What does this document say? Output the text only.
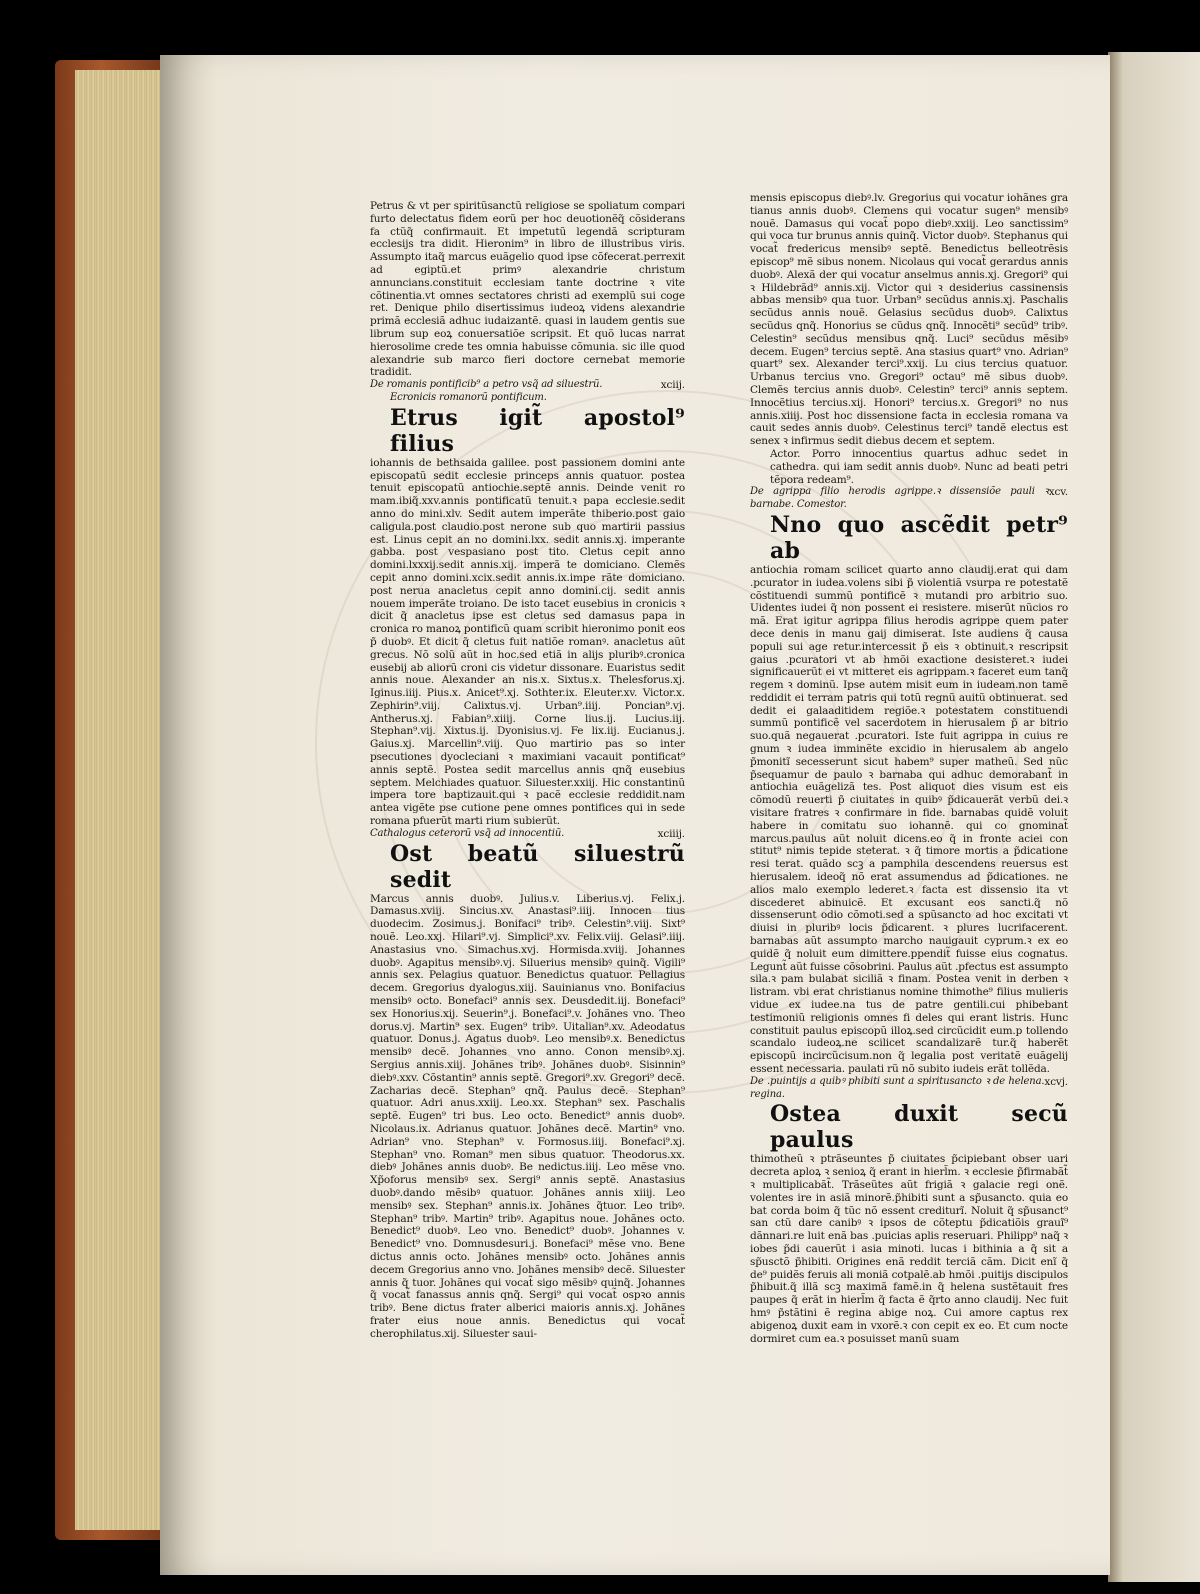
Petrus & vt per spiritũsanctũ religiose se spoliatum compari furto delectatus fidem eorũ per hoc deuotionẽq̃ cõsiderans fa ctũq̃ confirmauit. Et impetutũ legendã scripturam ecclesijs tra didit. Hieronim⁹ in libro de illustribus viris. Assumpto itaq̃ marcus euãgelio quod ipse cõfecerat.perrexit ad egiptũ.et primꝰ alexandrie christum annuncians.constituit ecclesiam tante doctrine ꝛ vite cõtinentia.vt omnes sectatores christi ad exemplũ sui coge ret. Denique philo disertissimus iudeoꝝ videns alexandrie primã ecclesiã adhuc iudaizantẽ. quasi in laudem gentis sue librum sup eoꝝ conuersatiõe scripsit. Et quõ lucas narrat hierosolime crede tes omnia habuisse cõmunia. sic ille quod alexandrie sub marco fieri doctore cernebat memorie tradidit.

De romanis pontificib⁹ a petro vsq̃ ad siluestrũ.	xciij.

Ecronicis romanorũ pontificum.

Etrus igit̃ apostol⁹ filius

iohannis de bethsaida galilee. post passionem domini ante episcopatũ sedit ecclesie princeps annis quatuor. postea tenuit episcopatũ antiochie.septẽ annis. Deinde venit ro mam.ibiq̃.xxv.annis pontificatũ tenuit.ꝛ papa ecclesie.sedit anno do mini.xlv. Sedit autem imperãte thiberio.post gaio caligula.post claudio.post nerone sub quo martirii passius est. Linus cepit an no domini.lxx. sedit annis.xj. imperante gabba. post vespasiano post tito. Cletus cepit anno domini.lxxxij.sedit annis.xij. imperã te domiciano. Clemẽs cepit anno domini.xcix.sedit annis.ix.impe rãte domiciano. post nerua anacletus cepit anno domini.cij. sedit annis nouem imperãte troiano. De isto tacet eusebius in cronicis ꝛ dicit q̃ anacletus ipse est cletus sed damasus papa in cronica ro manoꝝ pontificũ quam scribit hieronimo ponit eos p̃ duobꝰ. Et dicit q̃ cletus fuit natiõe romanꝰ. anacletus aũt grecus. Nõ solũ aũt in hoc.sed etiã in alijs pluribꝰ.cronica eusebij ab aliorũ croni cis videtur dissonare. Euaristus sedit annis noue. Alexander an nis.x. Sixtus.x. Thelesforus.xj. Iginus.iiij. Pius.x. Anicet⁹.xj. Sothter.ix. Eleuter.xv. Victor.x. Zephirin⁹.viij. Calixtus.vj. Urban⁹.iiij. Poncian⁹.vj. Antherus.xj. Fabian⁹.xiiij. Corne lius.ij. Lucius.iij. Stephan⁹.vij. Xixtus.ij. Dyonisius.vj. Fe lix.iij. Eucianus.j. Gaius.xj. Marcellin⁹.viij. Quo martirio pas so inter psecutiones dyocleciani ꝛ maximiani vacauit pontificat⁹ annis septẽ. Postea sedit marcellus annis qnq̃ eusebius septem. Melchiades quatuor. Siluester.xxiij. Hic constantinũ impera tore baptizauit.qui ꝛ pacẽ ecclesie reddidit.nam antea vigẽte pse cutione pene omnes pontifices qui in sede romana pfuerũt marti rium subierũt.

Cathalogus ceterorũ vsq̃ ad innocentiũ.	xciiij.
Ost beatũ siluestrũ sedit

Marcus annis duobꝰ. Julius.v. Liberius.vj. Felix.j. Damasus.xviij. Sincius.xv. Anastasi⁹.iiij. Innocen tius duodecim. Zosimus.j. Bonifaci⁹ tribꝰ. Celestin⁹.viij. Sixt⁹ nouẽ. Leo.xxj. Hilari⁹.vj. Simplici⁹.xv. Felix.viij. Gelasi⁹.iiij. Anastasius vno. Simachus.xvj. Hormisda.xviij. Johannes duobꝰ. Agapitus mensibꝰ.vj. Siluerius mensibꝰ quinq̃. Vigili⁹ annis sex. Pelagius quatuor. Benedictus quatuor. Pellagius decem. Gregorius dyalogus.xiij. Sauinianus vno. Bonifacius mensibꝰ octo. Bonefaci⁹ annis sex. Deusdedit.iij. Bonefaci⁹ sex Honorius.xij. Seuerin⁹.j. Bonefaci⁹.v. Johãnes vno. Theo dorus.vj. Martin⁹ sex. Eugen⁹ tribꝰ. Uitalian⁹.xv. Adeodatus quatuor. Donus.j. Agatus duobꝰ. Leo mensibꝰ.x. Benedictus mensibꝰ decẽ. Johannes vno anno. Conon mensibꝰ.xj. Sergius annis.xiij. Johãnes tribꝰ. Johãnes duobꝰ. Sisinnin⁹ diebꝰ.xxv. Cõstantin⁹ annis septẽ. Gregori⁹.xv. Gregori⁹ decẽ. Zacharias decẽ. Stephan⁹ qnq̃. Paulus decẽ. Stephan⁹ quatuor. Adri anus.xxiij. Leo.xx. Stephan⁹ sex. Paschalis septẽ. Eugen⁹ tri bus. Leo octo. Benedict⁹ annis duobꝰ. Nicolaus.ix. Adrianus quatuor. Johãnes decẽ. Martin⁹ vno. Adrian⁹ vno. Stephan⁹ v. Formosus.iiij. Bonefaci⁹.xj. Stephan⁹ vno. Roman⁹ men sibus quatuor. Theodorus.xx. diebꝰ Johãnes annis duobꝰ. Be nedictus.iiij. Leo mẽse vno. Xp̃oforus mensibꝰ sex. Sergi⁹ annis septẽ. Anastasius duobꝰ.dando mẽsibꝰ quatuor. Johãnes annis xiiij. Leo mensibꝰ sex. Stephan⁹ annis.ix. Johãnes q̃tuor. Leo tribꝰ. Stephan⁹ tribꝰ. Martin⁹ tribꝰ. Agapitus noue. Johãnes octo. Benedict⁹ duobꝰ. Leo vno. Benedict⁹ duobꝰ. Johannes v. Benedict⁹ vno. Domnusdesuri.j. Bonefaci⁹ mẽse vno. Bene dictus annis octo. Johãnes mensibꝰ octo. Johãnes annis decem Gregorius anno vno. Johãnes mensibꝰ decẽ. Siluester annis q̃ tuor. Johãnes qui vocat̃ sigo mẽsibꝰ quinq̃. Johannes q̃ vocat̃ fanassus annis qnq̃. Sergi⁹ qui vocat̃ ospꝛo annis tribꝰ. Bene dictus frater alberici maioris annis.xj. Johãnes frater eius noue annis. Benedictus qui vocat̃ cherophilatus.xij. Siluester saui-

mensis episcopus diebꝰ.lv. Gregorius qui vocatur iohãnes gra tianus annis duobꝰ. Clemens qui vocatur sugen⁹ mensibꝰ nouẽ. Damasus qui vocat̃ popo diebꝰ.xxiij. Leo sanctissim⁹ qui voca tur brunus annis quinq̃. Victor duobꝰ. Stephanus qui vocat̃ fredericus mensibꝰ septẽ. Benedictus belleotrẽsis episcop⁹ mẽ sibus nonem. Nicolaus qui vocat̃ gerardus annis duobꝰ. Alexã der qui vocatur anselmus annis.xj. Gregori⁹ qui ꝛ Hildebrãd⁹ annis.xij. Victor qui ꝛ desiderius cassinensis abbas mensibꝰ qua tuor. Urban⁹ secũdus annis.xj. Paschalis secũdus annis nouẽ. Gelasius secũdus duobꝰ. Calixtus secũdus qnq̃. Honorius se cũdus qnq̃. Innocẽti⁹ secũd⁹ tribꝰ. Celestin⁹ secũdus mensibus qnq̃. Luci⁹ secũdus mẽsibꝰ decem. Eugen⁹ tercius septẽ. Ana stasius quart⁹ vno. Adrian⁹ quart⁹ sex. Alexander terci⁹.xxij. Lu cius tercius quatuor. Urbanus tercius vno. Gregori⁹ octau⁹ mẽ sibus duobꝰ. Clemẽs tercius annis duobꝰ. Celestin⁹ terci⁹ annis septem. Innocẽtius tercius.xij. Honori⁹ tercius.x. Gregori⁹ no nus annis.xiiij. Post hoc dissensione facta in ecclesia romana va cauit sedes annis duobꝰ. Celestinus terci⁹ tandẽ electus est senex ꝛ infirmus sedit diebus decem et septem.

Actor. Porro innocentius quartus adhuc sedet in cathedra. qui iam sedit annis duobꝰ. Nunc ad beati petri tẽpora redeam⁹.

De agrippa filio herodis agrippe.ꝛ dissensiõe pauli ꝛ barnabe. Comestor.
xcv.
Nno quo ascẽdit petr⁹ ab

antiochia romam scilicet quarto anno claudij.erat qui dam .pcurator in iudea.volens sibi p̃ violentiã vsurpa re potestatẽ cõstituendi summũ pontificẽ ꝛ mutandi pro arbitrio suo. Uidentes iudei q̃ non possent ei resistere. miserũt nũcios ro mã. Erat igitur agrippa filius herodis agrippe quem pater dece denis in manu gaij dimiserat. Iste audiens q̃ causa populi sui age retur.intercessit p̃ eis ꝛ obtinuit.ꝛ rescripsit gaius .pcuratori vt ab hmõi exactione desisteret.ꝛ iudei significauerũt ei vt mitteret eis agrippam.ꝛ faceret eum tanq̃ regem ꝛ dominũ. Ipse autem misit eum in iudeam.non tamẽ reddidit ei terram patris qui totũ regnũ auitũ obtinuerat. sed dedit ei galaaditidem regiõe.ꝛ potestatem constituendi summũ pontificẽ vel sacerdotem in hierusalem p̃ ar bitrio suo.quã negauerat .pcuratori. Iste fuit agrippa in cuius re gnum ꝛ iudea imminẽte excidio in hierusalem ab angelo p̃monitĩ secesserunt sicut habem⁹ super matheũ. Sed nũc p̃sequamur de paulo ꝛ barnaba qui adhuc demorabant̃ in antiochia euãgelizã tes. Post aliquot dies visum est eis cõmodũ reuerti p̃ ciuitates in quibꝰ p̃dicauerãt verbũ dei.ꝛ visitare fratres ꝛ confirmare in fide. barnabas quidẽ voluit habere in comitatu suo iohannẽ. qui co gnominat̃ marcus.paulus aũt noluit dicens.eo q̃ in fronte aciei con stitut⁹ nimis tepide steterat. ꝛ q̃ timore mortis a p̃dicatione resi terat. quãdo scꝫ a pamphila descendens reuersus est hierusalem. ideoq̃ nõ erat assumendus ad p̃dicationes. ne alios malo exemplo lederet.ꝛ facta est dissensio ita vt discederet abinuicẽ. Et excusant eos sancti.q̃ nõ dissenserunt odio cõmoti.sed a spũsancto ad hoc excitati vt diuisi in pluribꝰ locis p̃dicarent. ꝛ plures lucrifacerent. barnabas aũt assumpto marcho nauigauit cyprum.ꝛ ex eo quidẽ q̃ noluit eum dimittere.ppendit̃ fuisse eius cognatus. Legunt̃ aũt fuisse cõsobrini. Paulus aũt .pfectus est assumpto sila.ꝛ pam bulabat siciliã ꝛ finam. Postea venit in derben ꝛ listram. vbi erat christianus nomine thimothe⁹ filius mulieris vidue ex iudee.na tus de patre gentili.cui phibebant testimoniũ religionis omnes fi deles qui erant listris. Hunc constituit paulus episcopũ illoꝝ.sed circũcidit eum.p tollendo scandalo iudeoꝝ.ne scilicet scandalizarẽ tur.q̃ haberẽt episcopũ incircũcisum.non q̃ legalia post veritatẽ euãgelij essent necessaria. paulati rũ nõ subito iudeis erãt tollẽda.

De .puintijs a quibꝰ phibiti sunt a spiritusancto ꝛ de helena. regina.
xcvj.
Ostea duxit secũ paulus

thimotheũ ꝛ ptrãseuntes p̃ ciuitates p̃cipiebant obser uari decreta aploꝝ ꝛ senioꝝ q̃ erant in hierl̃m. ꝛ ecclesie p̃firmabãt̃ ꝛ multiplicabãt̃. Trãseũtes aũt frigiã ꝛ galacie regi onẽ. volentes ire in asiã minorẽ.p̃hibiti sunt a sp̃usancto. quia eo bat corda boim q̃ tũc nõ essent crediturĩ. Noluit q̃ sp̃usanct⁹ san ctũ dare canibꝰ ꝛ ipsos de cõteptu p̃dicatiõis grauĩ⁹ dãnnari.re luit enã bas .puicias aplis reseruari. Philipp⁹ naq̃ ꝛ iobes p̃di cauerũt i asia minoti. lucas i bithinia a q̃ sit a sp̃usctõ p̃hibiti. Origines enã reddit terciã cãm. Dicit enĩ q̃ de⁹ puidẽs feruis ali moniã cotpalẽ.ab hmõi .puitijs discipulos p̃hibuit.q̃ illã scꝫ maximã famẽ.in q̃ helena sustẽtauit fres paupes q̃ erãt in hierl̃m q̃ facta ẽ q̃rto anno claudij. Nec fuit hmꝰ p̃stãtini ẽ regina abige noꝝ. Cui amore captus rex abigenoꝝ duxit eam in vxorẽ.ꝛ con cepit ex eo. Et cum nocte dormiret cum ea.ꝛ posuisset manũ suam
